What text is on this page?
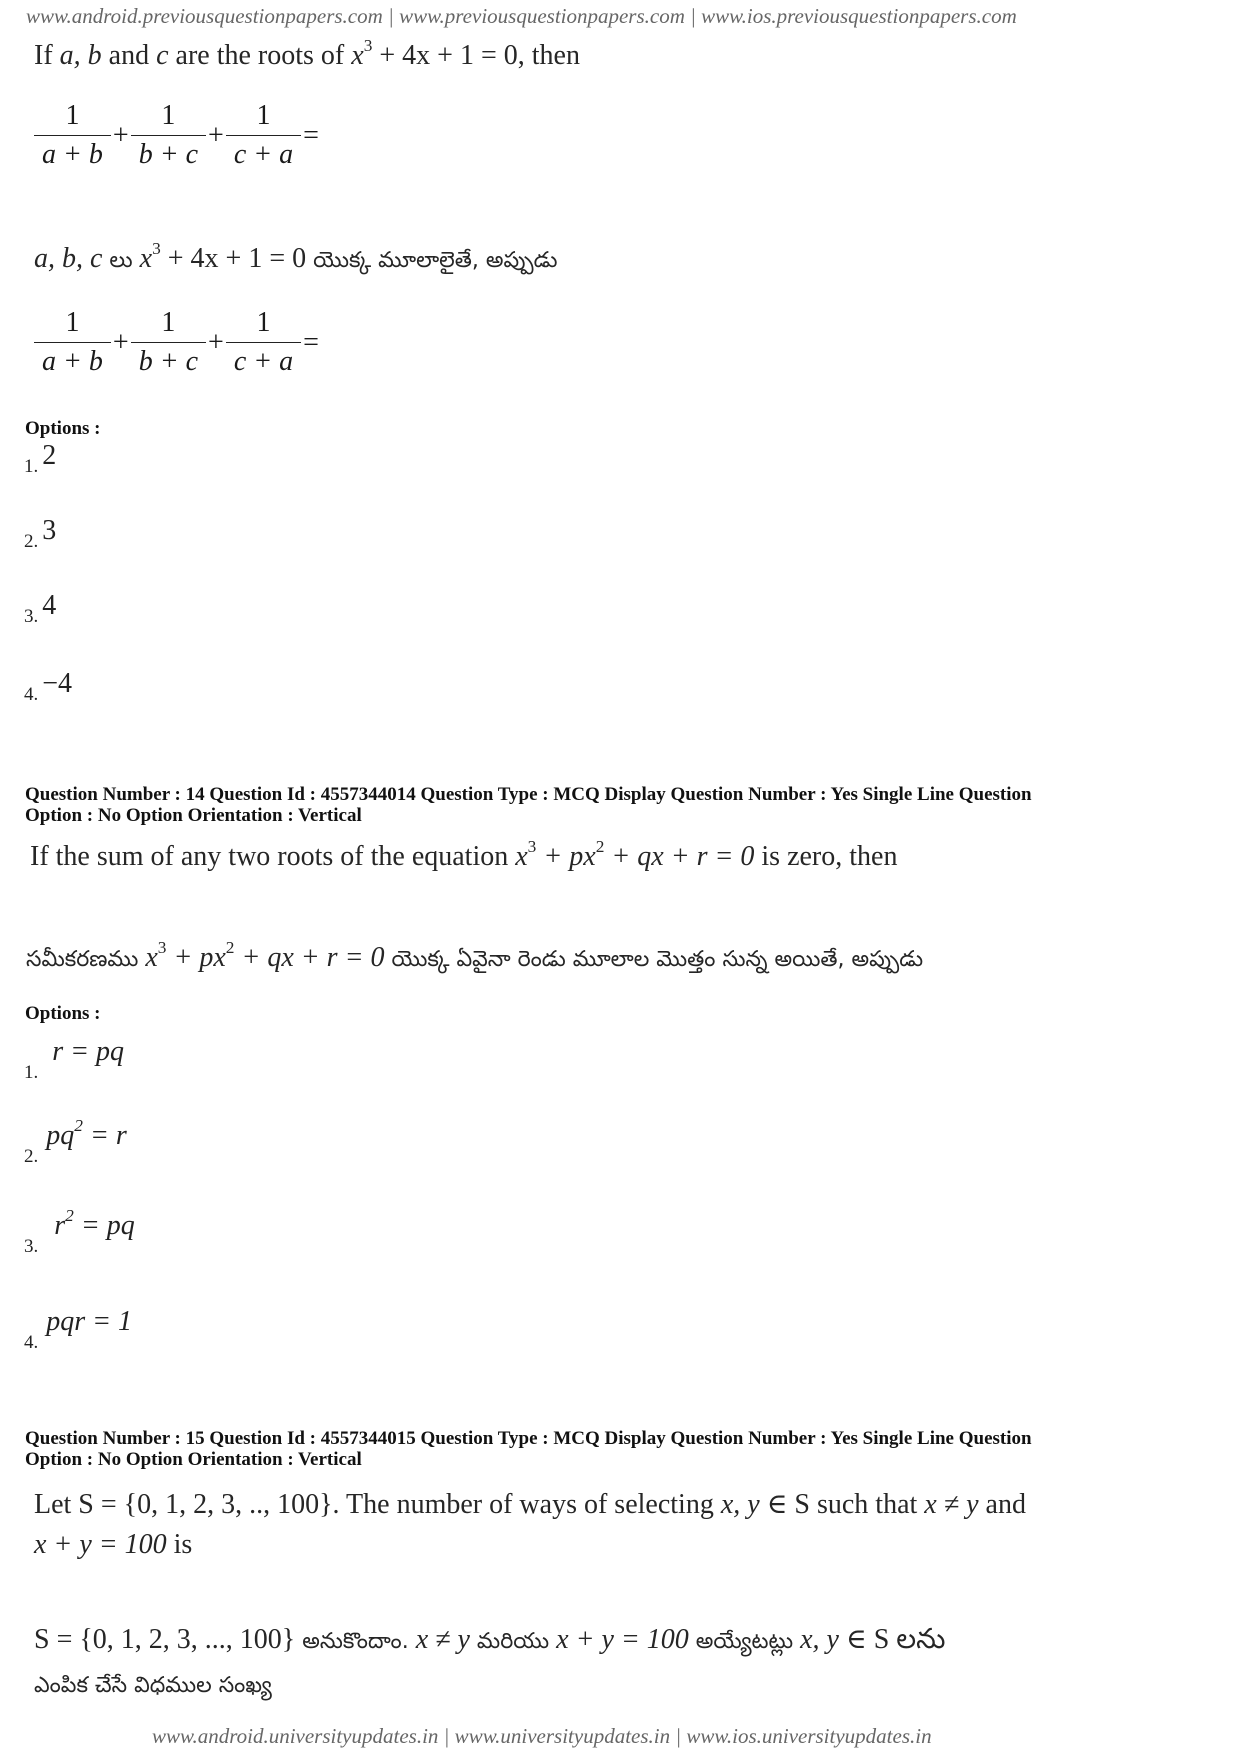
www.android.previousquestionpapers.com | www.previousquestionpapers.com | www.ios.previousquestionpapers.com
If a, b and c are the roots of $x^3 + 4x + 1 = 0$, then
$\frac{1}{a + b} + \frac{1}{b + c} + \frac{1}{c + a}$ =
a, b, c లు $x^3 + 4x + 1 = 0$ యొక్క మూలాలైతే, అప్పుడు
$\frac{1}{a + b} + \frac{1}{b + c} + \frac{1}{c + a}$ =
Options :
1. 2
2. 3
3. 4
4. −4
Question Number : 14 Question Id : 4557344014 Question Type : MCQ Display Question Number : Yes Single Line Question
Option : No Option Orientation : Vertical
If the sum of any two roots of the equation $x^3 + px^2$ + qx + r = 0 is zero, then
సమీకరణము $x^3 + px^2$ + qx + r = 0 యొక్క ఏవైనా రెండు మూలాల మొత్తం సున్న అయితే, అప్పుడు
Options :
1. r = pq
2. $pq^2 = r$
3. $r^2$ = pq
4. pqr = 1
Question Number : 15 Question Id : 4557344015 Question Type : MCQ Display Question Number : Yes Single Line Question
Option : No Option Orientation : Vertical
Let S = {0, 1, 2, 3, .., 100}. The number of ways of selecting x, y ∈ S such that x ≠ y and
x + y = 100 is
S = {0, 1, 2, 3, ..., 100} అనుకొందాం. x ≠ y మరియు x + y = 100 అయ్యేటట్లు x, y ∈ S లను
ఎంపిక చేసే విధముల సంఖ్య
www.android.universityupdates.in | www.universityupdates.in | www.ios.universityupdates.in
